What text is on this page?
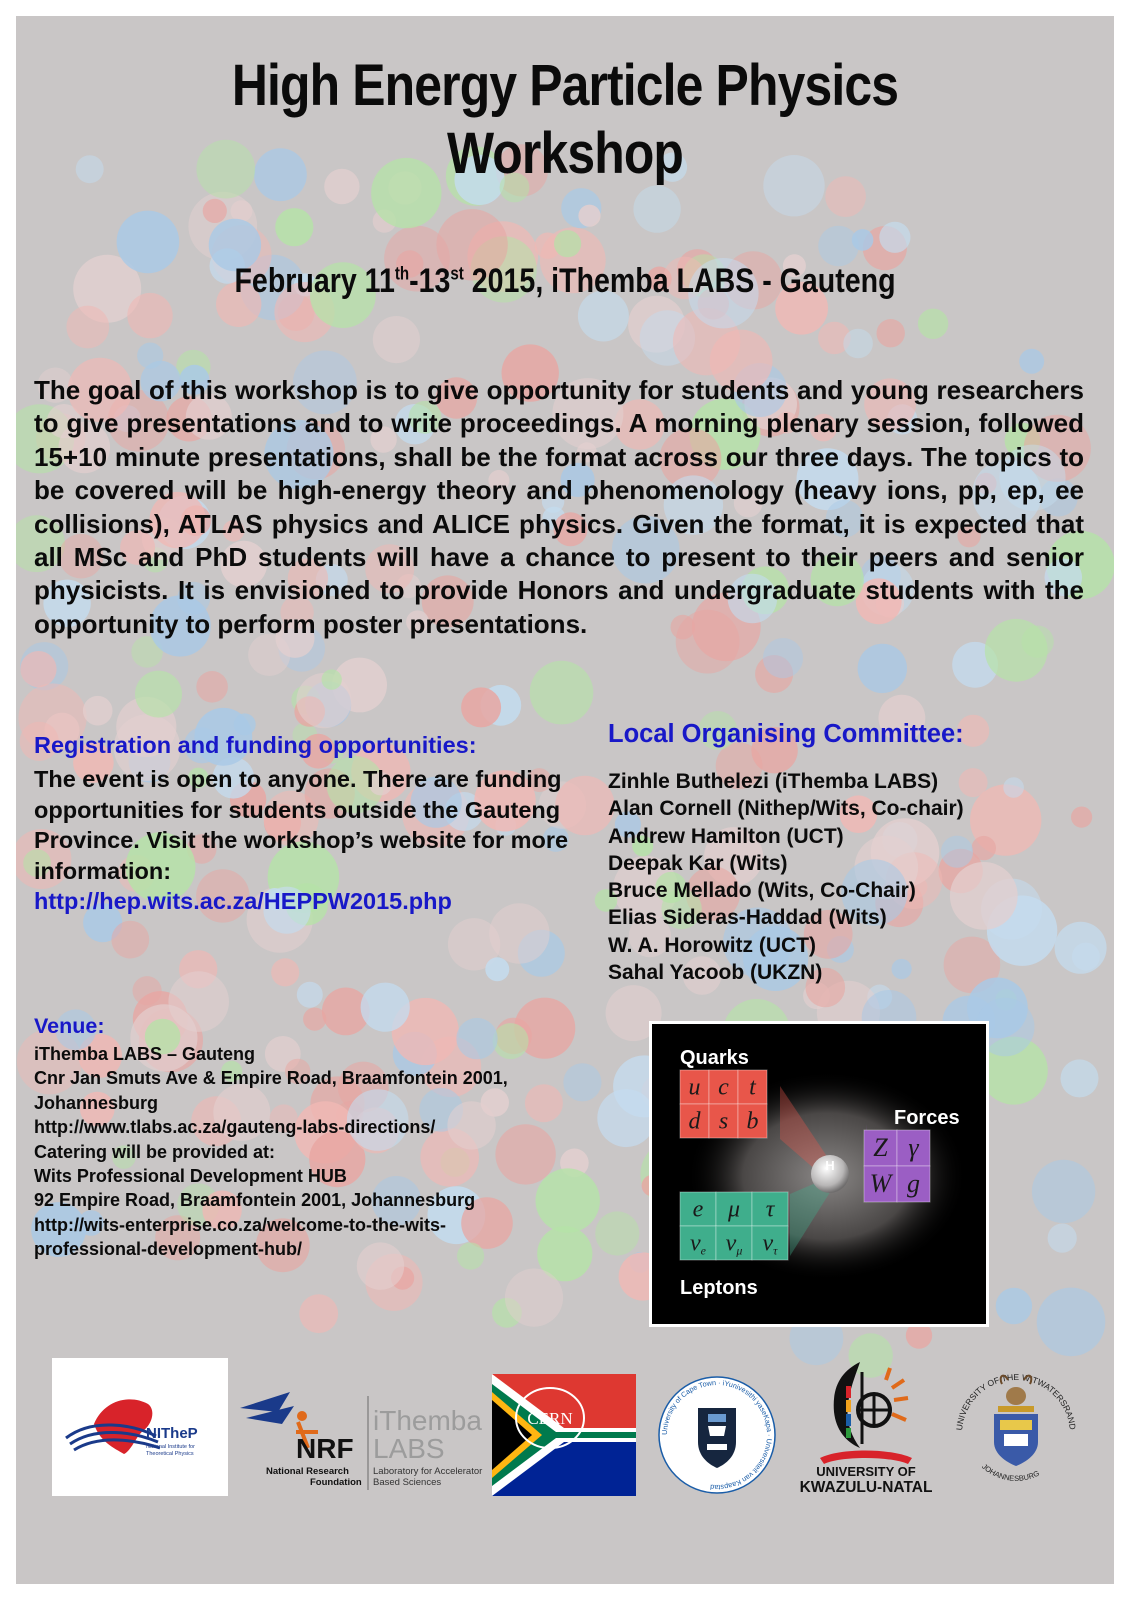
High Energy Particle Physics
Workshop
February 11th-13st 2015, iThemba LABS - Gauteng
The goal of this workshop is to give opportunity for students and young researchers to give presentations and to write proceedings. A morning plenary session, followed 15+10 minute presentations, shall be the format across our three days. The topics to be covered will be high-energy theory and phenomenology (heavy ions, pp, ep, ee collisions), ATLAS physics and ALICE physics. Given the format, it is expected that all MSc and PhD students will have a chance to present to their peers and senior physicists. It is envisioned to provide Honors and undergraduate students with the opportunity to perform poster presentations.
Registration and funding opportunities:
The event is open to anyone. There are funding opportunities for students outside the Gauteng Province. Visit the workshop’s website for more information:
http://hep.wits.ac.za/HEPPW2015.php
Local Organising Committee:
Zinhle Buthelezi (iThemba LABS)
Alan Cornell (Nithep/Wits, Co-chair)
Andrew Hamilton (UCT)
Deepak Kar (Wits)
Bruce Mellado (Wits, Co-Chair)
Elias Sideras-Haddad (Wits)
W. A. Horowitz (UCT)
Sahal Yacoob (UKZN)
Venue:
iThemba LABS – Gauteng
Cnr Jan Smuts Ave & Empire Road, Braamfontein 2001,
Johannesburg
http://www.tlabs.ac.za/gauteng-labs-directions/
Catering will be provided at:
Wits Professional Development HUB
92 Empire Road, Braamfontein 2001, Johannesburg
http://wits-enterprise.co.za/welcome-to-the-wits-
professional-development-hub/
Quarks
u c t
d s b	Forces
Z γ
W g
e μ τ
νe νμ ντ
Leptons
H
NITheP
National Institute for
Theoretical Physics	NRF
National Research
Foundation
iThemba
LABS
Laboratory for Accelerator
Based Sciences
CERN
University of Cape Town · iYunivesithi yaseKapa · Universiteit van Kaapstad
UNIVERSITY OF
KWAZULU-NATAL
UNIVERSITY OF THE WITWATERSRAND
JOHANNESBURG
